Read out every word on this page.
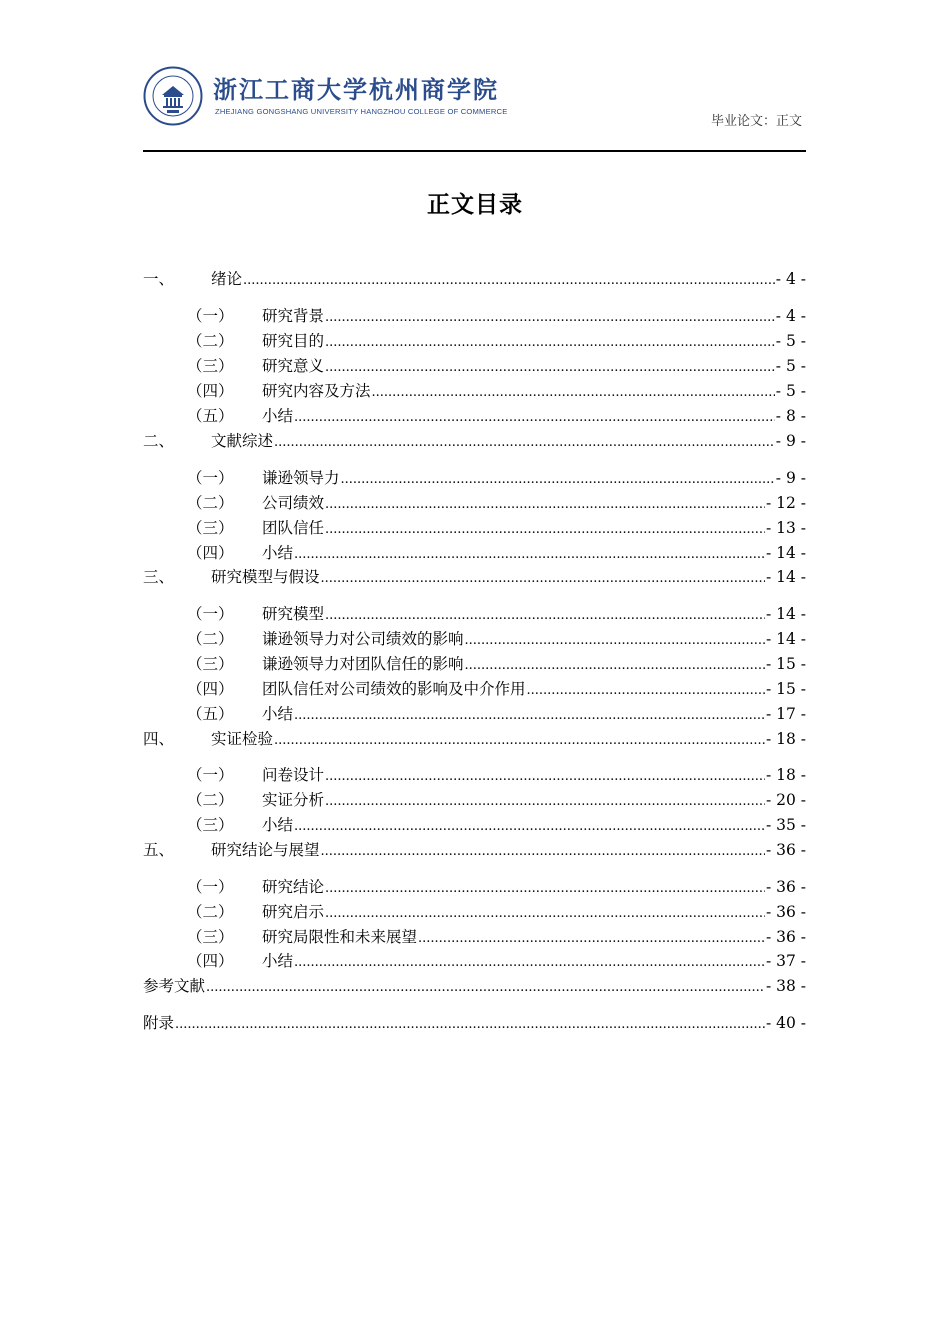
浙江工商大学杭州商学院
ZHEJIANG GONGSHANG UNIVERSITY HANGZHOU COLLEGE OF COMMERCE
毕业论文：正文
正文目录
一、	绪论 .....	- 4 -
（一）	研究背景 .....	- 4 -
（二）	研究目的 .....	- 5 -
（三）	研究意义 .....	- 5 -
（四）	研究内容及方法 .....	- 5 -
（五）	小结 .....	- 8 -
二、	文献综述 .....	- 9 -
（一）	谦逊领导力 .....	- 9 -
（二）	公司绩效 .....	- 12 -
（三）	团队信任 .....	- 13 -
（四）	小结 .....	- 14 -
三、	研究模型与假设 .....	- 14 -
（一）	研究模型 .....	- 14 -
（二）	谦逊领导力对公司绩效的影响 .....	- 14 -
（三）	谦逊领导力对团队信任的影响 .....	- 15 -
（四）	团队信任对公司绩效的影响及中介作用 .....	- 15 -
（五）	小结 .....	- 17 -
四、	实证检验 .....	- 18 -
（一）	问卷设计 .....	- 18 -
（二）	实证分析 .....	- 20 -
（三）	小结 .....	- 35 -
五、	研究结论与展望 .....	- 36 -
（一）	研究结论 .....	- 36 -
（二）	研究启示 .....	- 36 -
（三）	研究局限性和未来展望 .....	- 36 -
（四）	小结 .....	- 37 -
参考文献 .....	- 38 -
附录 .....	- 40 -
